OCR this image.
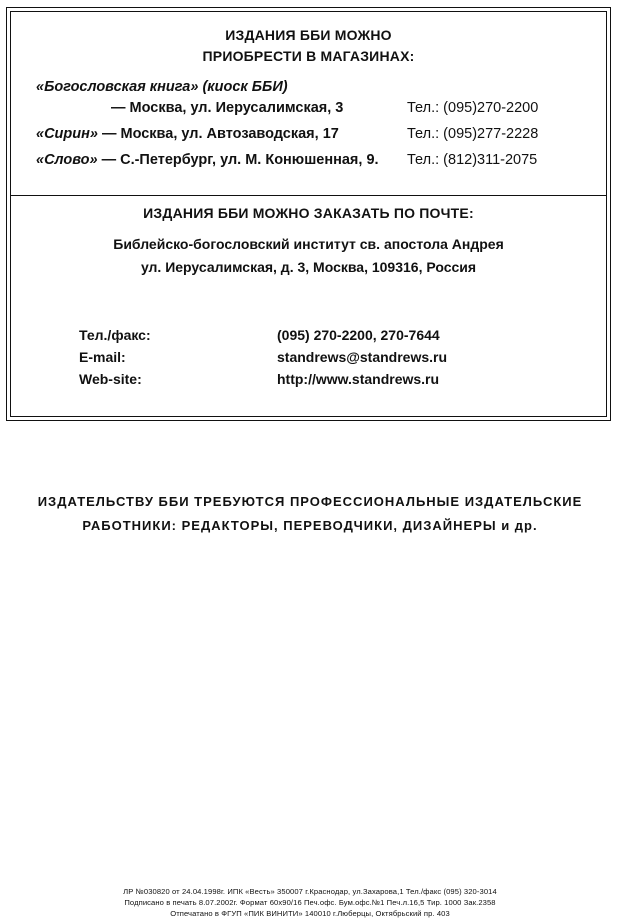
ИЗДАНИЯ ББИ МОЖНО
ПРИОБРЕСТИ В МАГАЗИНАХ:
«Богословская книга» (киоск ББИ)
— Москва, ул. Иерусалимская, 3	Тел.: (095)270-2200
«Сирин» — Москва, ул. Автозаводская, 17	Тел.: (095)277-2228
«Слово» — С.-Петербург, ул. М. Конюшенная, 9. Тел.: (812)311-2075
ИЗДАНИЯ ББИ МОЖНО ЗАКАЗАТЬ ПО ПОЧТЕ:
Библейско-богословский институт св. апостола Андрея
ул. Иерусалимская, д. 3, Москва, 109316, Россия
Тел./факс:	(095) 270-2200, 270-7644
E-mail:	standrews@standrews.ru
Web-site:	http://www.standrews.ru
ИЗДАТЕЛЬСТВУ ББИ ТРЕБУЮТСЯ ПРОФЕССИОНАЛЬНЫЕ ИЗДАТЕЛЬСКИЕ
РАБОТНИКИ: РЕДАКТОРЫ, ПЕРЕВОДЧИКИ, ДИЗАЙНЕРЫ и др.
ЛР №030820 от 24.04.1998г. ИПК «Весть» 350007 г.Краснодар, ул.Захарова,1 Тел./факс (095) 320-3014
Подписано в печать 8.07.2002г. Формат 60х90/16 Печ.офс. Бум.офс.№1 Печ.л.16,5 Тир. 1000 Зак.2358
Отпечатано в ФГУП «ПИК ВИНИТИ» 140010 г.Люберцы, Октябрьский пр. 403
